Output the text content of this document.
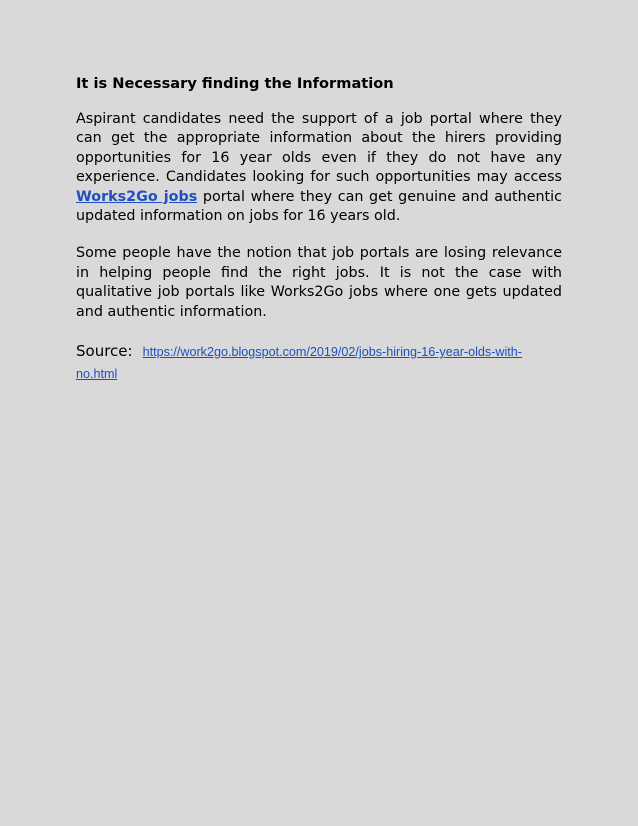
It is Necessary finding the Information

Aspirant candidates need the support of a job portal where they can get the appropriate information about the hirers providing opportunities for 16 year olds even if they do not have any experience. Candidates looking for such opportunities may access Works2Go jobs portal where they can get genuine and authentic updated information on jobs for 16 years old.

Some people have the notion that job portals are losing relevance in helping people find the right jobs. It is not the case with qualitative job portals like Works2Go jobs where one gets updated and authentic information.

Source: https://work2go.blogspot.com/2019/02/jobs-hiring-16-year-olds-with-no.html
